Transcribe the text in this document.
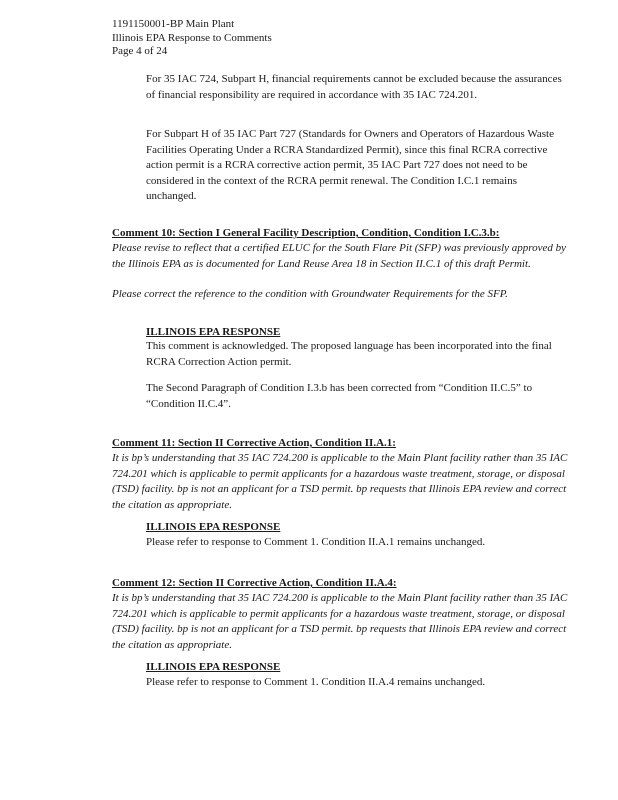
1191150001-BP Main Plant
Illinois EPA Response to Comments
Page 4 of 24

For 35 IAC 724, Subpart H, financial requirements cannot be excluded because the assurances of financial responsibility are required in accordance with 35 IAC 724.201.

For Subpart H of 35 IAC Part 727 (Standards for Owners and Operators of Hazardous Waste Facilities Operating Under a RCRA Standardized Permit), since this final RCRA corrective action permit is a RCRA corrective action permit, 35 IAC Part 727 does not need to be considered in the context of the RCRA permit renewal. The Condition I.C.1 remains unchanged.

Comment 10: Section I General Facility Description, Condition, Condition I.C.3.b:

Please revise to reflect that a certified ELUC for the South Flare Pit (SFP) was previously approved by the Illinois EPA as is documented for Land Reuse Area 18 in Section II.C.1 of this draft Permit.

Please correct the reference to the condition with Groundwater Requirements for the SFP.

ILLINOIS EPA RESPONSE

This comment is acknowledged. The proposed language has been incorporated into the final RCRA Correction Action permit.

The Second Paragraph of Condition I.3.b has been corrected from “Condition II.C.5” to “Condition II.C.4”.

Comment 11: Section II Corrective Action, Condition II.A.1:

It is bp’s understanding that 35 IAC 724.200 is applicable to the Main Plant facility rather than 35 IAC 724.201 which is applicable to permit applicants for a hazardous waste treatment, storage, or disposal (TSD) facility. bp is not an applicant for a TSD permit. bp requests that Illinois EPA review and correct the citation as appropriate.

ILLINOIS EPA RESPONSE

Please refer to response to Comment 1. Condition II.A.1 remains unchanged.

Comment 12: Section II Corrective Action, Condition II.A.4:

It is bp’s understanding that 35 IAC 724.200 is applicable to the Main Plant facility rather than 35 IAC 724.201 which is applicable to permit applicants for a hazardous waste treatment, storage, or disposal (TSD) facility. bp is not an applicant for a TSD permit. bp requests that Illinois EPA review and correct the citation as appropriate.

ILLINOIS EPA RESPONSE

Please refer to response to Comment 1. Condition II.A.4 remains unchanged.
